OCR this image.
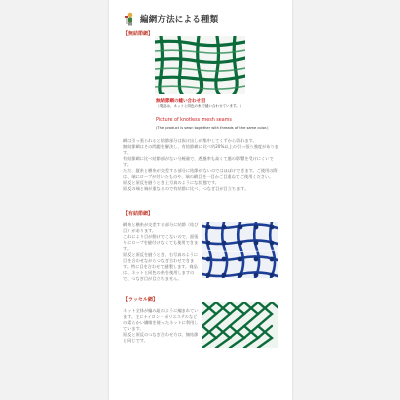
編網方法による種類
【無結節網】
無結節網の縫い合わせ目
（現品は、ネットと同色の糸で縫い合わせています。）
Picture of knotless mesh seams
(The product is sewn together with threads of the same color.)
網は引っ張られると結節部分は抜け出しが集中してくずから切れます。
無結節網はその問題を解決し、有結節網に比べ約20%以上の引っ張り強度があります。
有結節網に比べ結節部がない分軽量で、透風率も高くて風の影響を受けにくいです。
ただ、縦糸と横糸が交差する部分に結節がないのではほぼけできます。ご使用の際は、端にロープが付いたものや、端の網目を一目かご目重ねてご使用ください。
原反と原反を縫うとき上写真のようにな状態です。
原反の端と端が重なるので有結節に比べ、つなぎ目が目立ちます。
【有結節網】
網糸と横糸が交差する部分に結節（結び目）があります。
これにより目が動けでこないので、面張りにロープを縫付けなくても使用できます。
原反と原反を縫うとき、右写真のように目を合わせながらつなぎ合わせできます。特に目を合わせて縫製します。商品は、ネットと同色の糸を使用しますので、つなぎ目が目立ちません。
【ラッセル網】
ネット全体が編み紐のように編まれています。主にナイロン・ポリエステルなどの柔らかい繊維を使ったネットに利用しています。
原反と原反のつなぎ合わせ方は、無結節と同じです。
